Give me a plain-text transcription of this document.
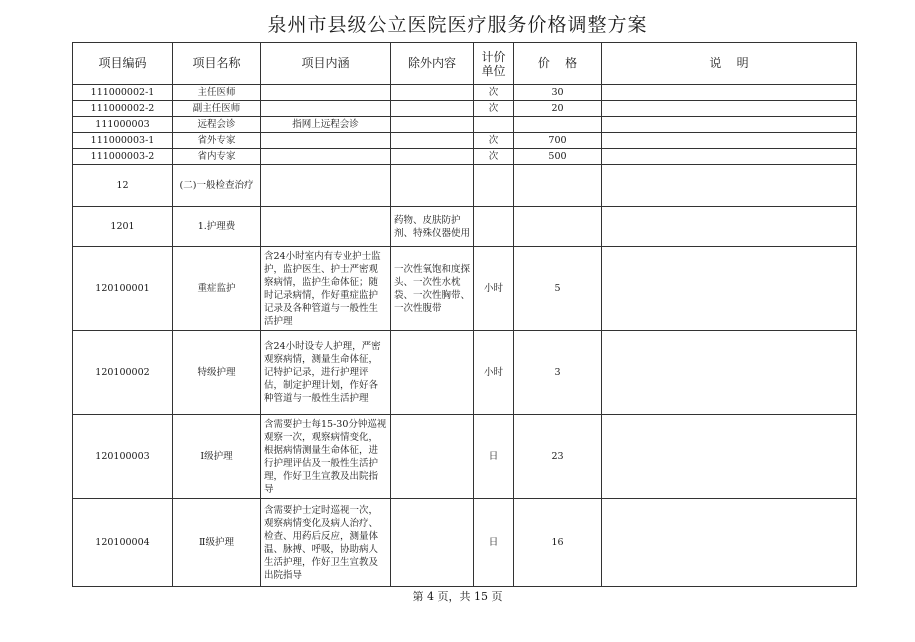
泉州市县级公立医院医疗服务价格调整方案
项目编码	项目名称	项目内涵	除外内容	计价单位	价    格	说    明
111000002-1	主任医师			次	30	
111000002-2	副主任医师			次	20	
111000003	远程会诊	指网上远程会诊				
111000003-1	省外专家			次	700	
111000003-2	省内专家			次	500	
12	(二)一般检查治疗					
1201	1.护理费		药物、皮肤防护剂、特殊仪器使用			
120100001	重症监护	含24小时室内有专业护士监护，监护医生、护士严密观察病情，监护生命体征；随时记录病情，作好重症监护记录及各种管道与一般性生活护理	一次性氧饱和度探头、一次性水枕袋、一次性胸带、一次性腹带	小时	5	
120100002	特级护理	含24小时设专人护理，严密观察病情，测量生命体征，记特护记录，进行护理评估，制定护理计划，作好各种管道与一般性生活护理		小时	3	
120100003	Ⅰ级护理	含需要护士每15-30分钟巡视观察一次，观察病情变化，根据病情测量生命体征，进行护理评估及一般性生活护理，作好卫生宣教及出院指导		日	23	
120100004	Ⅱ级护理	含需要护士定时巡视一次，观察病情变化及病人治疗、检查、用药后反应，测量体温、脉搏、呼吸，协助病人生活护理，作好卫生宣教及出院指导		日	16	
第 4 页，共 15 页
